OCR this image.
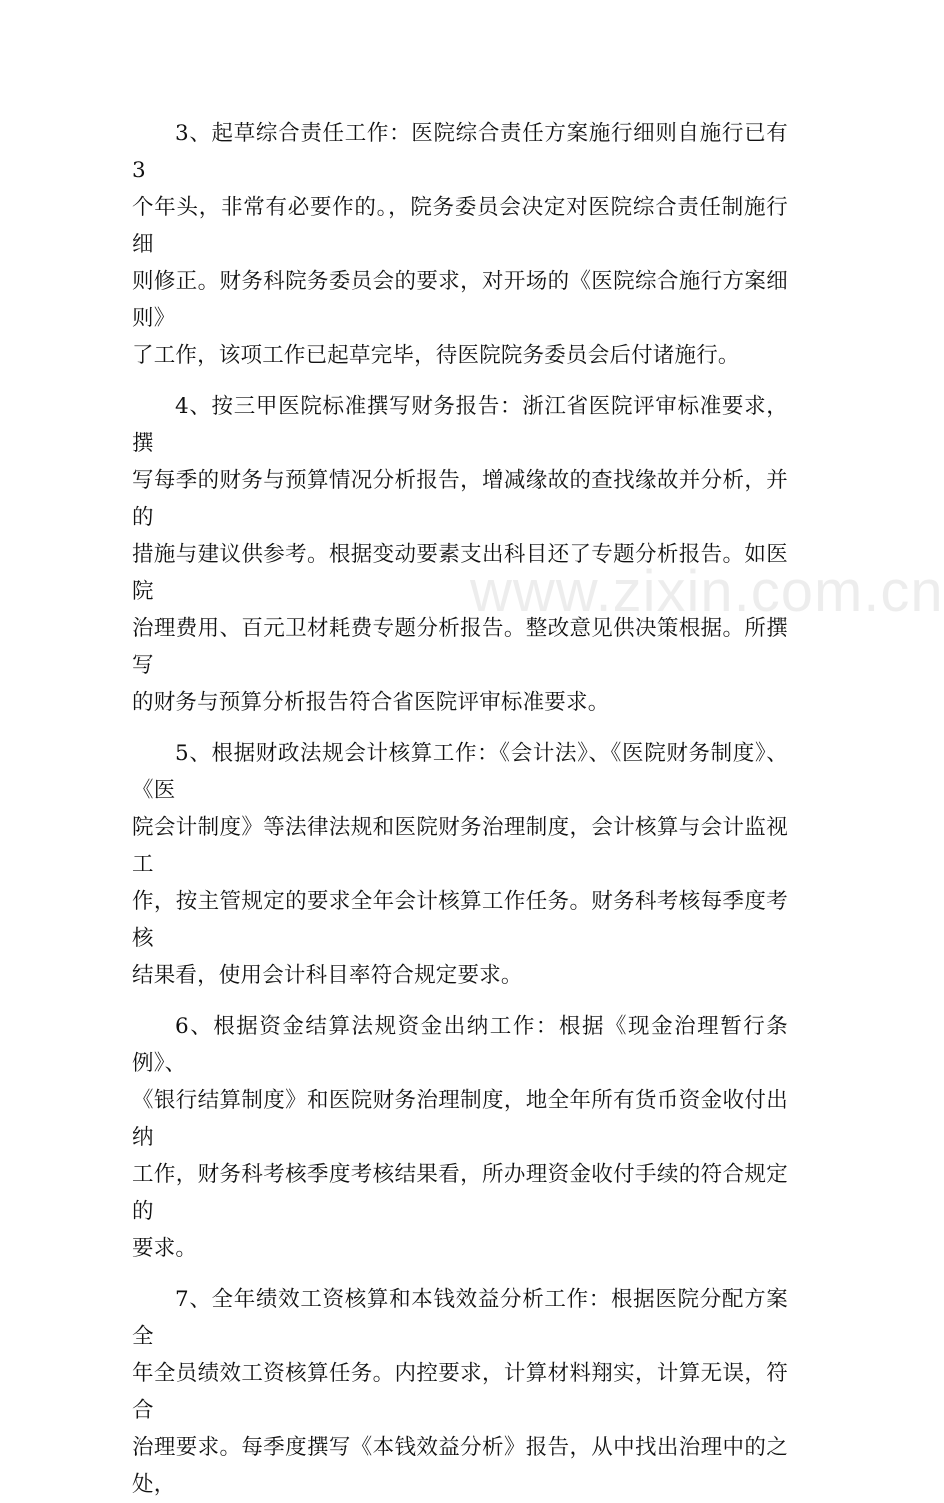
3、起草综合责任工作：医院综合责任方案施行细则自施行已有3
个年头，非常有必要作的。，院务委员会决定对医院综合责任制施行细
则修正。财务科院务委员会的要求，对开场的《医院综合施行方案细则》
了工作，该项工作已起草完毕，待医院院务委员会后付诸施行。

4、按三甲医院标准撰写财务报告：浙江省医院评审标准要求，撰
写每季的财务与预算情况分析报告，增减缘故的查找缘故并分析，并的
措施与建议供参考。根据变动要素支出科目还了专题分析报告。如医院
治理费用、百元卫材耗费专题分析报告。整改意见供决策根据。所撰写
的财务与预算分析报告符合省医院评审标准要求。

5、根据财政法规会计核算工作：《会计法》、《医院财务制度》、《医
院会计制度》等法律法规和医院财务治理制度，会计核算与会计监视工
作，按主管规定的要求全年会计核算工作任务。财务科考核每季度考核
结果看，使用会计科目率符合规定要求。

6、根据资金结算法规资金出纳工作：根据《现金治理暂行条例》、
《银行结算制度》和医院财务治理制度，地全年所有货币资金收付出纳
工作，财务科考核季度考核结果看，所办理资金收付手续的符合规定的
要求。

7、全年绩效工资核算和本钱效益分析工作：根据医院分配方案全
年全员绩效工资核算任务。内控要求，计算材料翔实，计算无误，符合
治理要求。每季度撰写《本钱效益分析》报告，从中找出治理中的之处，

www.zixin.com.cn
